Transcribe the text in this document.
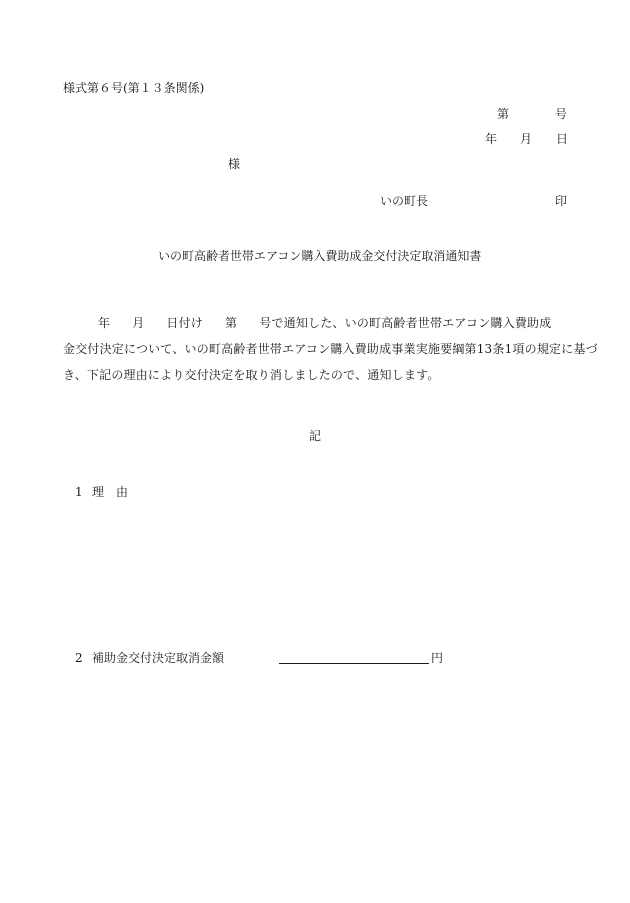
様式第６号(第１３条関係)
第	号
年 月 日
様
いの町長	印
いの町高齢者世帯エアコン購入費助成金交付決定取消通知書
年 月 日付け 第 号で通知した、いの町高齢者世帯エアコン購入費助成
金交付決定について、いの町高齢者世帯エアコン購入費助成事業実施要綱第13条1項の規定に基づ
き、下記の理由により交付決定を取り消しましたので、通知します。
記
1 理　由
2 補助金交付決定取消金額	円
